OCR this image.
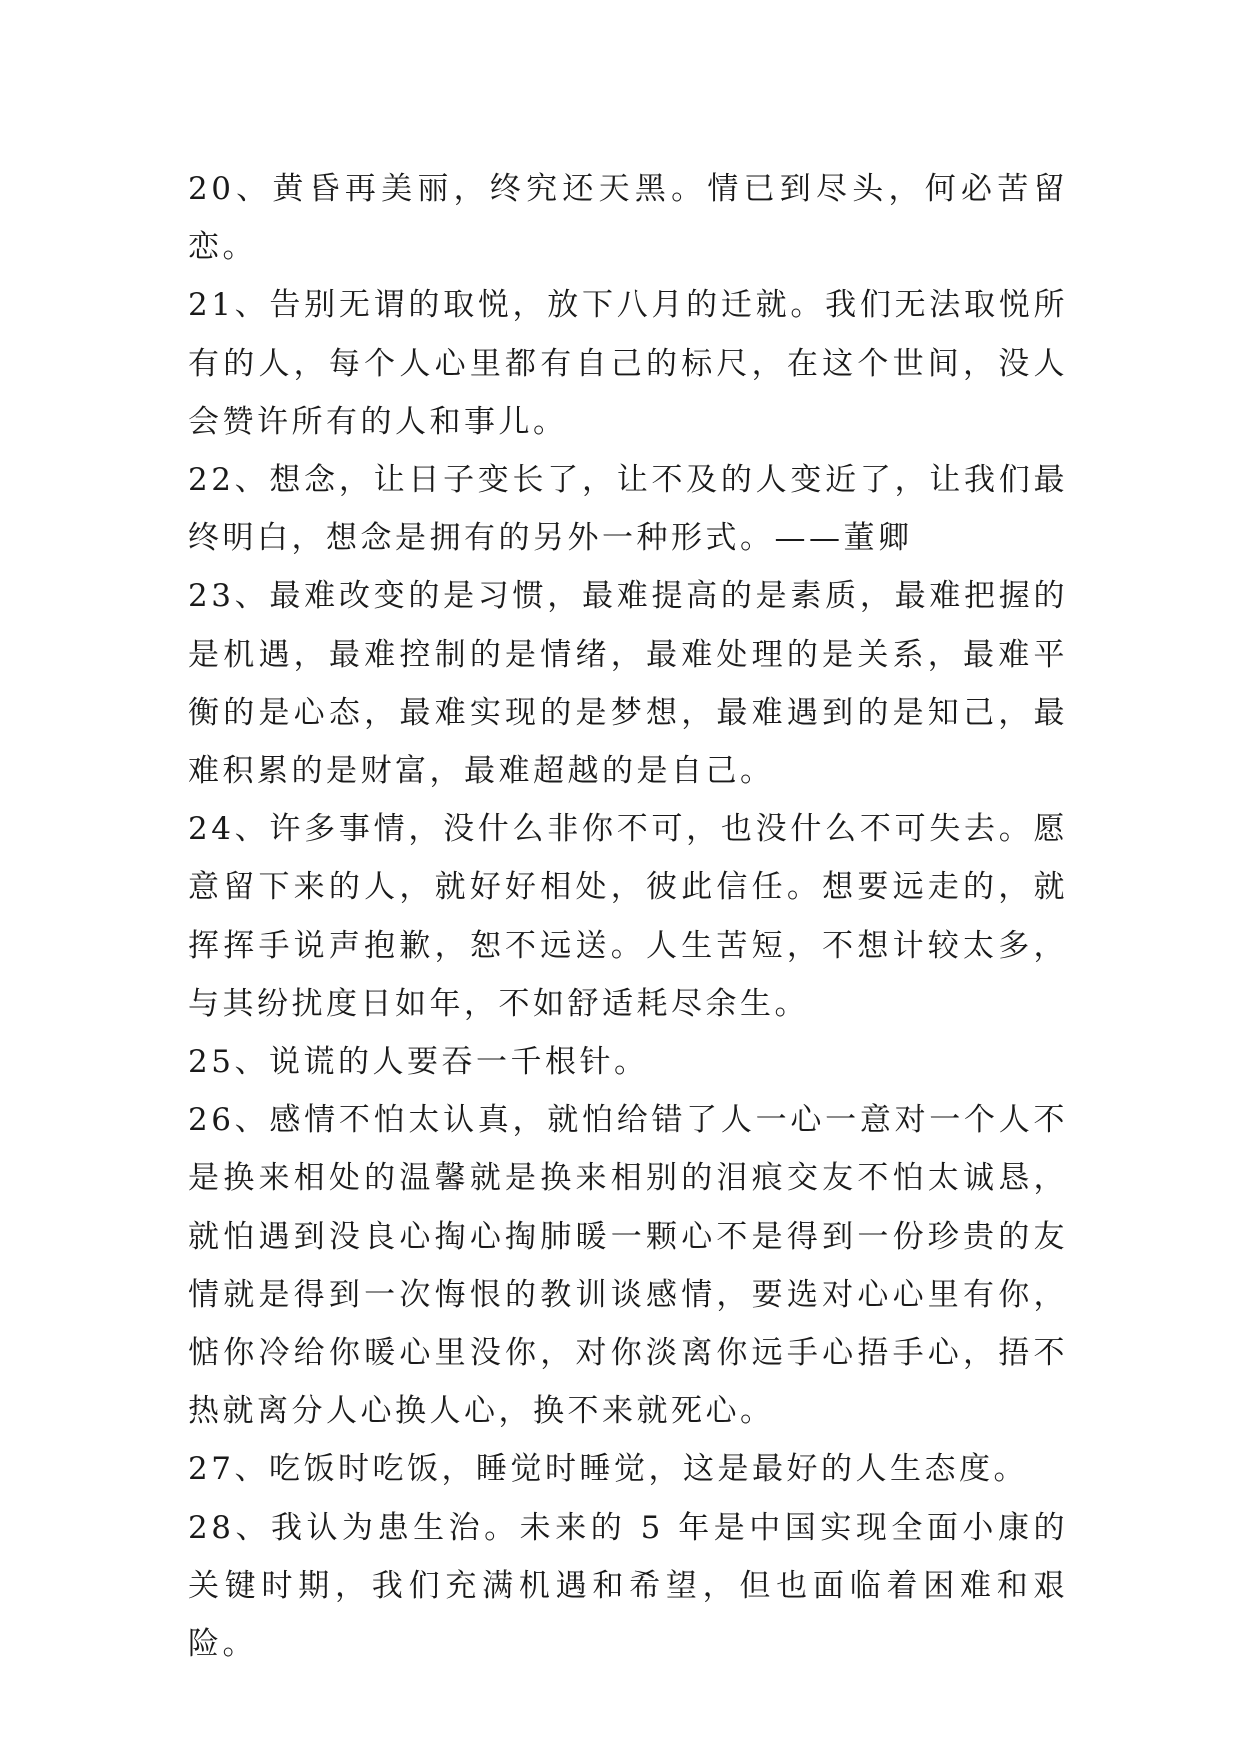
20、黄昏再美丽，终究还天黑。情已到尽头，何必苦留恋。

21、告别无谓的取悦，放下八月的迁就。我们无法取悦所有的人，每个人心里都有自己的标尺，在这个世间，没人会赞许所有的人和事儿。

22、想念，让日子变长了，让不及的人变近了，让我们最终明白，想念是拥有的另外一种形式。——董卿

23、最难改变的是习惯，最难提高的是素质，最难把握的是机遇，最难控制的是情绪，最难处理的是关系，最难平衡的是心态，最难实现的是梦想，最难遇到的是知己，最难积累的是财富，最难超越的是自己。

24、许多事情，没什么非你不可，也没什么不可失去。愿意留下来的人，就好好相处，彼此信任。想要远走的，就挥挥手说声抱歉，恕不远送。人生苦短，不想计较太多，与其纷扰度日如年，不如舒适耗尽余生。

25、说谎的人要吞一千根针。

26、感情不怕太认真，就怕给错了人一心一意对一个人不是换来相处的温馨就是换来相别的泪痕交友不怕太诚恳，就怕遇到没良心掏心掏肺暖一颗心不是得到一份珍贵的友情就是得到一次悔恨的教训谈感情，要选对心心里有你，惦你冷给你暖心里没你，对你淡离你远手心捂手心，捂不热就离分人心换人心，换不来就死心。

27、吃饭时吃饭，睡觉时睡觉，这是最好的人生态度。

28、我认为患生治。未来的 5 年是中国实现全面小康的关键时期，我们充满机遇和希望，但也面临着困难和艰险。
